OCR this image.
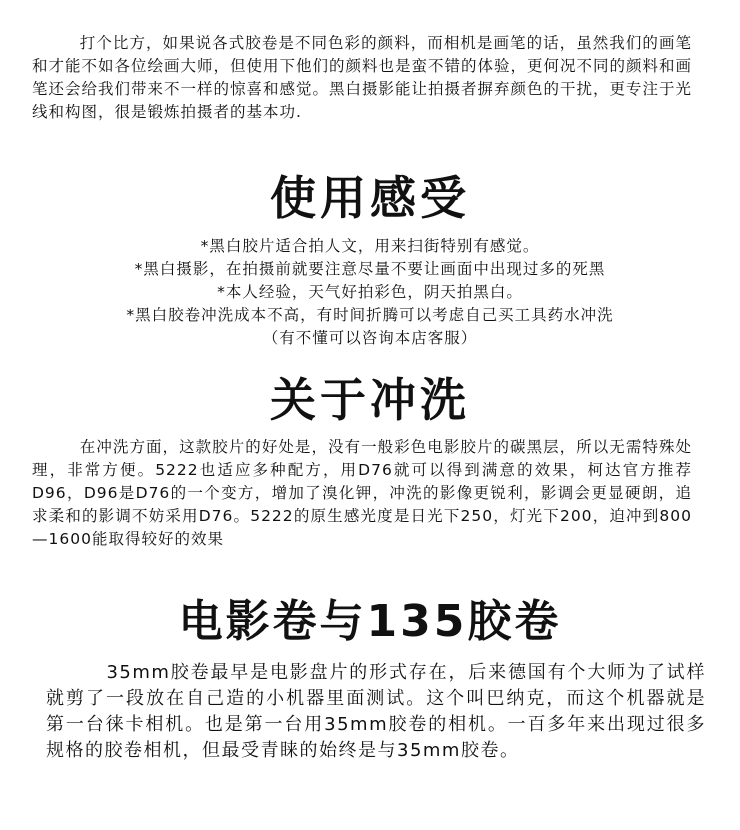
打个比方，如果说各式胶卷是不同色彩的颜料，而相机是画笔的话，虽然我们的画笔和才能不如各位绘画大师，但使用下他们的颜料也是蛮不错的体验，更何况不同的颜料和画笔还会给我们带来不一样的惊喜和感觉。黑白摄影能让拍摄者摒弃颜色的干扰，更专注于光线和构图，很是锻炼拍摄者的基本功.

使用感受
*黑白胶片适合拍人文，用来扫街特别有感觉。
*黑白摄影，在拍摄前就要注意尽量不要让画面中出现过多的死黑
*本人经验，天气好拍彩色，阴天拍黑白。
*黑白胶卷冲洗成本不高，有时间折腾可以考虑自己买工具药水冲洗
（有不懂可以咨询本店客服）
关于冲洗

在冲洗方面，这款胶片的好处是，没有一般彩色电影胶片的碳黑层，所以无需特殊处理，非常方便。5222也适应多种配方，用D76就可以得到满意的效果，柯达官方推荐D96，D96是D76的一个变方，增加了溴化钾，冲洗的影像更锐利，影调会更显硬朗，追求柔和的影调不妨采用D76。5222的原生感光度是日光下250，灯光下200，迫冲到800—1600能取得较好的效果

电影卷与135胶卷

35mm胶卷最早是电影盘片的形式存在，后来德国有个大师为了试样就剪了一段放在自己造的小机器里面测试。这个叫巴纳克，而这个机器就是第一台徕卡相机。也是第一台用35mm胶卷的相机。一百多年来出现过很多规格的胶卷相机，但最受青睐的始终是与35mm胶卷。
